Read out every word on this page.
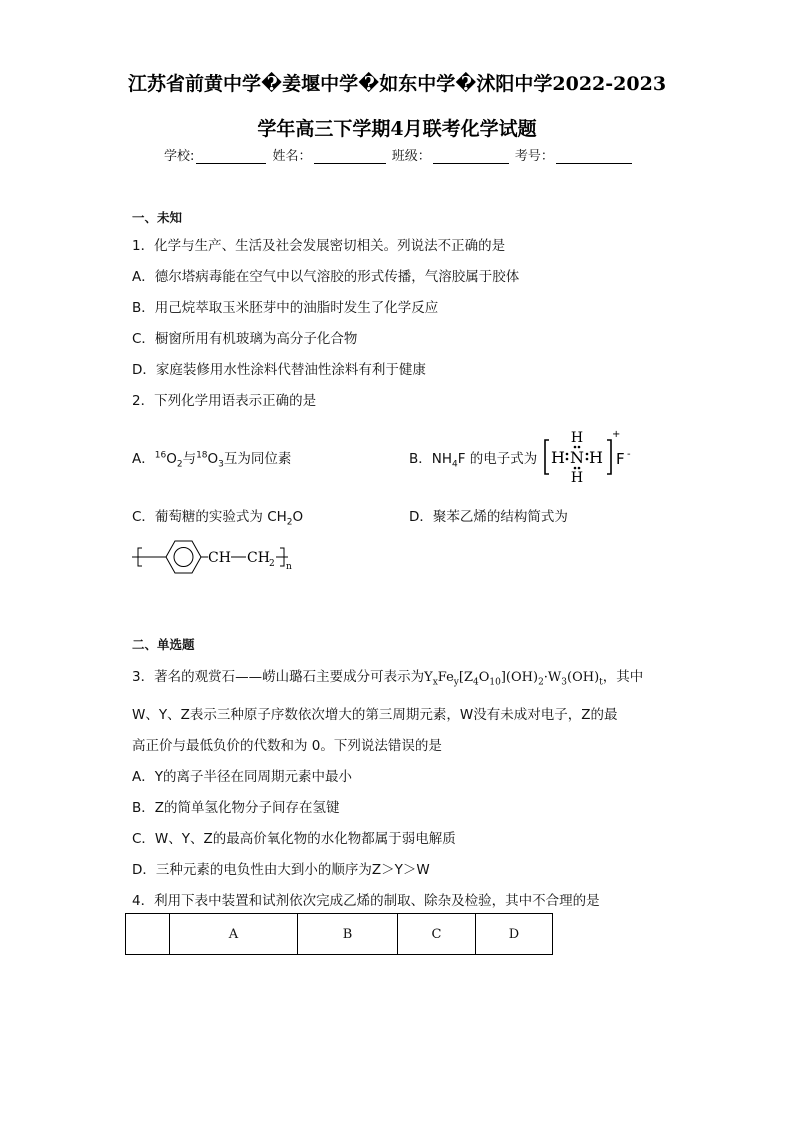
江苏省前黄中学�姜堰中学�如东中学�沭阳中学2022-2023
学年高三下学期4月联考化学试题
学校:	姓名：	班级：	考号：
一、未知
1．化学与生产、生活及社会发展密切相关。列说法不正确的是
A．德尔塔病毒能在空气中以气溶胶的形式传播，气溶胶属于胶体
B．用己烷萃取玉米胚芽中的油脂时发生了化学反应
C．橱窗所用有机玻璃为高分子化合物
D．家庭装修用水性涂料代替油性涂料有利于健康
2．下列化学用语表示正确的是
A．$^{16}O_2$与$^{18}O_3$互为同位素	B．$NH_4F$ 的电子式为
H
H N H
H
+
F -
C．葡萄糖的实验式为 $CH_2O$	D．聚苯乙烯的结构简式为
CH CH 2 n
二、单选题
3．著名的观赏石——崂山璐石主要成分可表示为$Y_xFe_y[Z_4O_{10}](OH)_2\cdot W_3(OH)_t$，其中
W、Y、Z表示三种原子序数依次增大的第三周期元素，W没有未成对电子，Z的最
高正价与最低负价的代数和为 0。下列说法错误的是
A．Y的离子半径在同周期元素中最小
B．Z的简单氢化物分子间存在氢键
C．W、Y、Z的最高价氧化物的水化物都属于弱电解质
D．三种元素的电负性由大到小的顺序为Z＞Y＞W
4．利用下表中装置和试剂依次完成乙烯的制取、除杂及检验，其中不合理的是
	A	B	C	D
